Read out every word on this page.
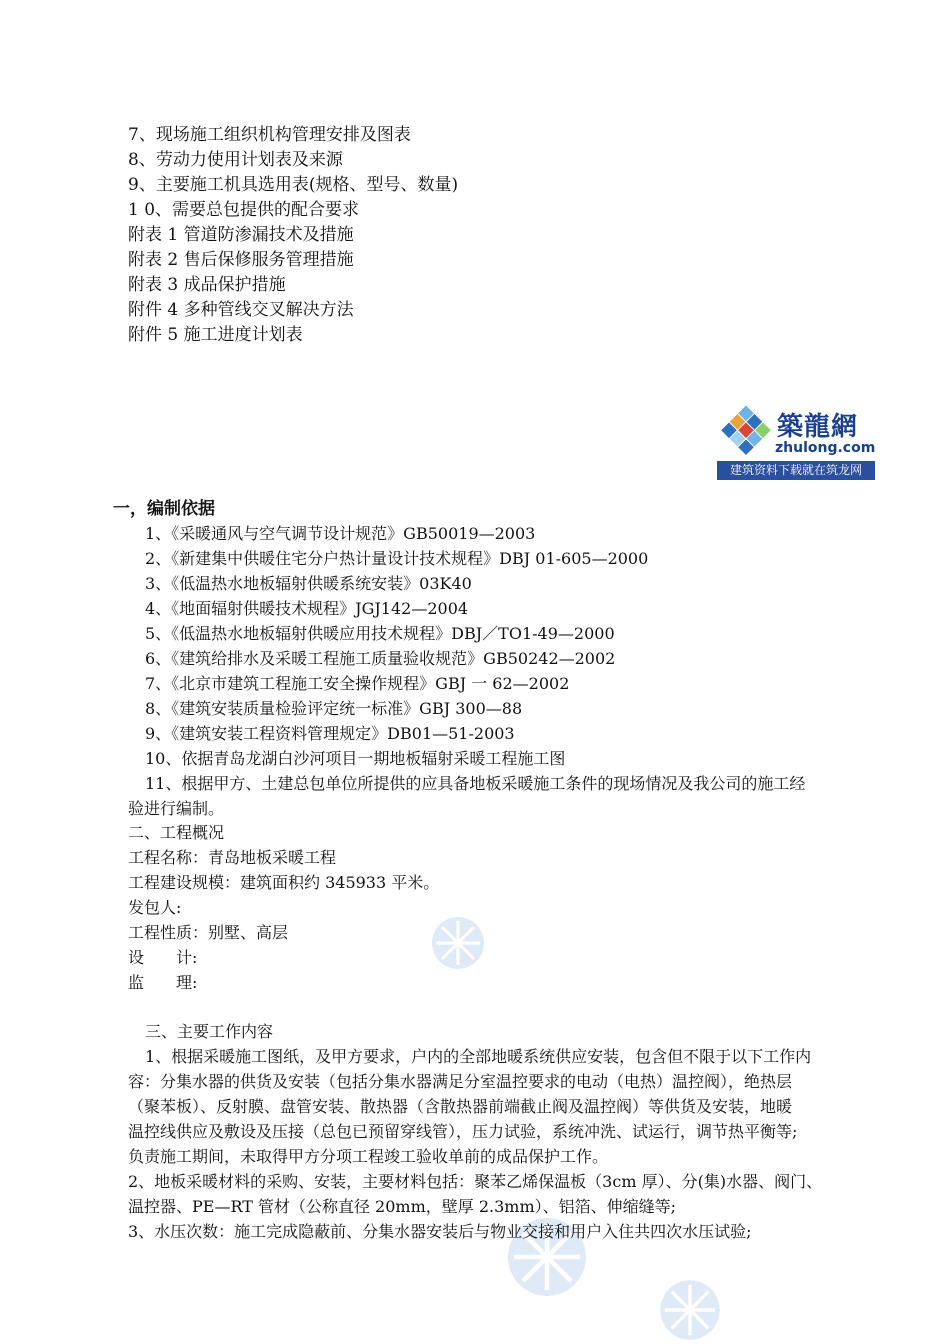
7、现场施工组织机构管理安排及图表
8、劳动力使用计划表及来源
9、主要施工机具选用表(规格、型号、数量)
1 0、需要总包提供的配合要求
附表 1 管道防渗漏技术及措施
附表 2 售后保修服务管理措施
附表 3 成品保护措施
附件 4 多种管线交叉解决方法
附件 5 施工进度计划表
築龍網
zhulong.com
建筑资料下载就在筑龙网
一，编制依据
1、《采暖通风与空气调节设计规范》GB50019—2003
2、《新建集中供暖住宅分户热计量设计技术规程》DBJ 01-605—2000
3、《低温热水地板辐射供暖系统安装》03K40
4、《地面辐射供暖技术规程》JGJ142—2004
5、《低温热水地板辐射供暖应用技术规程》DBJ／TO1-49—2000
6、《建筑给排水及采暖工程施工质量验收规范》GB50242—2002
7、《北京市建筑工程施工安全操作规程》GBJ 一 62—2002
8、《建筑安装质量检验评定统一标准》GBJ 300—88
9、《建筑安装工程资料管理规定》DB01—51-2003
10、依据青岛龙湖白沙河项目一期地板辐射采暖工程施工图
11、根据甲方、土建总包单位所提供的应具备地板采暖施工条件的现场情况及我公司的施工经
验进行编制。
二、工程概况
工程名称：青岛地板采暖工程
工程建设规模：建筑面积约 345933 平米。
发包人:
工程性质：别墅、高层
设　　计:
监　　理:
三、主要工作内容
1、根据采暖施工图纸，及甲方要求，户内的全部地暖系统供应安装，包含但不限于以下工作内
容：分集水器的供货及安装（包括分集水器满足分室温控要求的电动（电热）温控阀），绝热层
（聚苯板）、反射膜、盘管安装、散热器（含散热器前端截止阀及温控阀）等供货及安装，地暖
温控线供应及敷设及压接（总包已预留穿线管），压力试验，系统冲洗、试运行，调节热平衡等;
负责施工期间，未取得甲方分项工程竣工验收单前的成品保护工作。
2、地板采暖材料的采购、安装，主要材料包括：聚苯乙烯保温板（3cm 厚）、分(集)水器、阀门、
温控器、PE—RT 管材（公称直径 20mm，壁厚 2.3mm）、铝箔、伸缩缝等;
3、水压次数：施工完成隐蔽前、分集水器安装后与物业交接和用户入住共四次水压试验;
